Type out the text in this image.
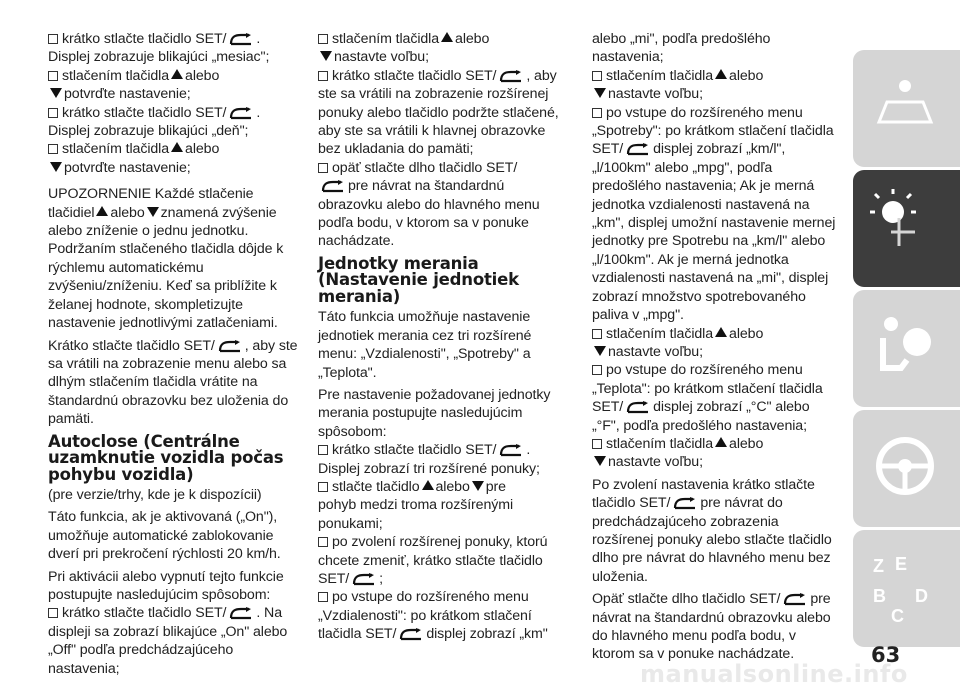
krátko stlačte tlačidlo SET/ .

Displej zobrazuje blikajúci „mesiac";

stlačením tlačidla alebo

potvrďte nastavenie;

krátko stlačte tlačidlo SET/ .

Displej zobrazuje blikajúci „deň";

stlačením tlačidla alebo

potvrďte nastavenie;

UPOZORNENIE Každé stlačenie

tlačidiel alebo znamená zvýšenie

alebo zníženie o jednu jednotku. Podržaním stlačeného tlačidla dôjde k rýchlemu automatickému zvýšeniu/zníženiu. Keď sa priblížite k želanej hodnote, skompletizujte nastavenie jednotlivými zatlačeniami.

Krátko stlačte tlačidlo SET/ , aby ste sa vrátili na zobrazenie menu alebo sa dlhým stlačením tlačidla vrátite na štandardnú obrazovku bez uloženia do pamäti.

Autoclose (Centrálne uzamknutie vozidla počas pohybu vozidla)

(pre verzie/trhy, kde je k dispozícii)

Táto funkcia, ak je aktivovaná („On"), umožňuje automatické zablokovanie dverí pri prekročení rýchlosti 20 km/h.

Pri aktivácii alebo vypnutí tejto funkcie postupujte nasledujúcim spôsobom:

krátko stlačte tlačidlo SET/ . Na

displeji sa zobrazí blikajúce „On" alebo „Off" podľa predchádzajúceho nastavenia;

stlačením tlačidla alebo

nastavte voľbu;

krátko stlačte tlačidlo SET/ , aby

ste sa vrátili na zobrazenie rozšírenej ponuky alebo tlačidlo podržte stlačené, aby ste sa vrátili k hlavnej obrazovke bez ukladania do pamäti;

opäť stlačte dlho tlačidlo SET/

pre návrat na štandardnú

obrazovku alebo do hlavného menu podľa bodu, v ktorom sa v ponuke nachádzate.

Jednotky merania (Nastavenie jednotiek merania)

Táto funkcia umožňuje nastavenie jednotiek merania cez tri rozšírené menu: „Vzdialenosti", „Spotreby" a „Teplota".

Pre nastavenie požadovanej jednotky merania postupujte nasledujúcim spôsobom:

krátko stlačte tlačidlo SET/ .

Displej zobrazí tri rozšírené ponuky;

stlačte tlačidlo alebo pre

pohyb medzi troma rozšírenými ponukami;

po zvolení rozšírenej ponuky, ktorú chcete zmeniť, krátko stlačte tlačidlo

SET/ ;

po vstupe do rozšíreného menu „Vzdialenosti": po krátkom stlačení

tlačidla SET/ displej zobrazí „km"

alebo „mi", podľa predošlého nastavenia;

stlačením tlačidla alebo

nastavte voľbu;

po vstupe do rozšíreného menu

„Spotreby": po krátkom stlačení tlačidla

SET/ displej zobrazí „km/l",

„l/100km" alebo „mpg", podľa predošlého nastavenia; Ak je merná jednotka vzdialenosti nastavená na „km", displej umožní nastavenie mernej jednotky pre Spotrebu na „km/l" alebo „l/100km". Ak je merná jednotka vzdialenosti nastavená na „mi", displej zobrazí množstvo spotrebovaného paliva v „mpg".

stlačením tlačidla alebo

nastavte voľbu;

po vstupe do rozšíreného menu

„Teplota": po krátkom stlačení tlačidla

SET/ displej zobrazí „°C" alebo

„°F", podľa predošlého nastavenia;

stlačením tlačidla alebo

nastavte voľbu;

Po zvolení nastavenia krátko stlačte

tlačidlo SET/ pre návrat do

predchádzajúceho zobrazenia rozšírenej ponuky alebo stlačte tlačidlo dlho pre návrat do hlavného menu bez uloženia.

Opäť stlačte dlho tlačidlo SET/ pre

návrat na štandardnú obrazovku alebo do hlavného menu podľa bodu, v ktorom sa v ponuke nachádzate.

Z E
B D
C
63
manualsonline.info
